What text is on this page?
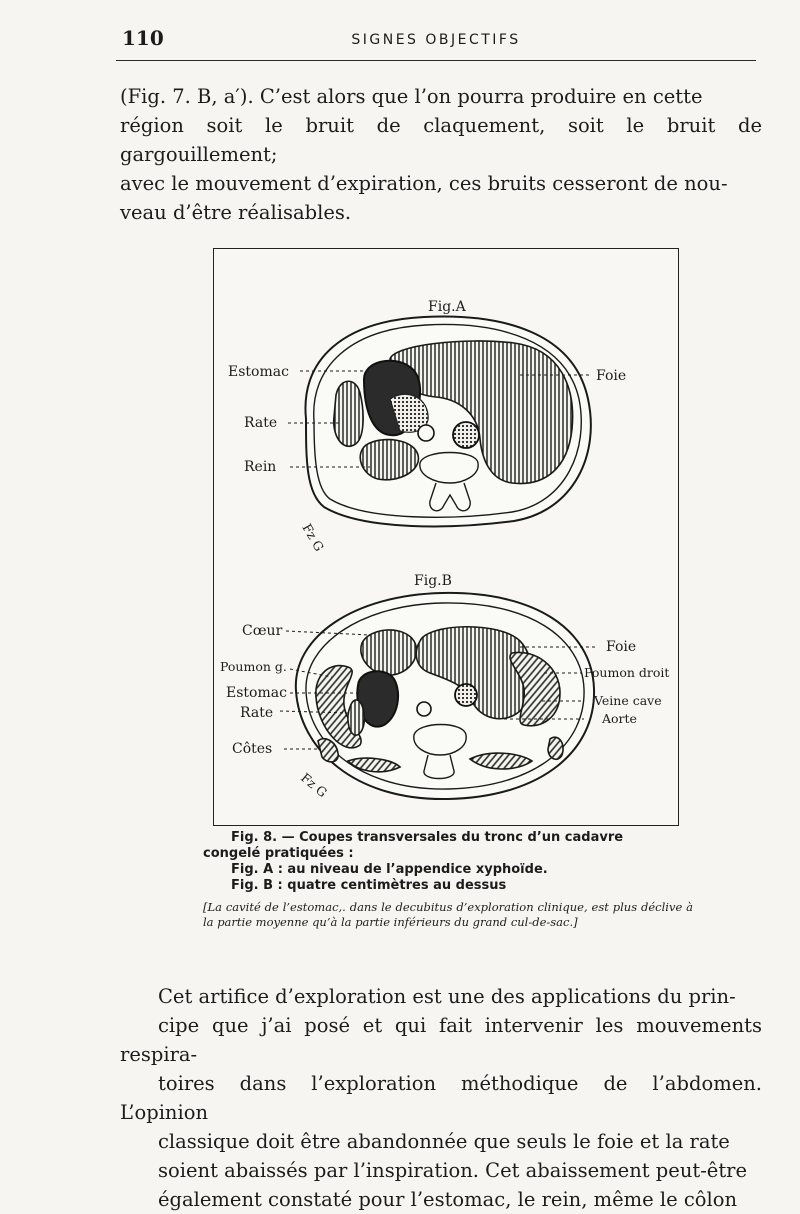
110	SIGNES OBJECTIFS
(Fig. 7. B, a′). C’est alors que l’on pourra produire en cette
région soit le bruit de claquement, soit le bruit de gargouillement;
avec le mouvement d’expiration, ces bruits cesseront de nou-
veau d’être réalisables.
Fig.A
Estomac
Rate
Rein
Foie
Fz G
Fig.B
Cœur
Poumon g.
Estomac
Rate
Côtes
Foie
Poumon droit
Veine cave
Aorte
Fz G
Fig. 8. — Coupes transversales du tronc d’un cadavre
congelé pratiquées :
Fig. A : au niveau de l’appendice xyphoïde.
Fig. B : quatre centimètres au dessus
[La cavité de l’estomac,. dans le decubitus d’exploration clinique, est plus déclive à la partie moyenne qu’à la partie inférieurs du grand cul-de-sac.]
Cet artifice d’exploration est une des applications du prin-
cipe que j’ai posé et qui fait intervenir les mouvements respira-
toires dans l’exploration méthodique de l’abdomen. L’opinion
classique doit être abandonnée que seuls le foie et la rate
soient abaissés par l’inspiration. Cet abaissement peut-être
également constaté pour l’estomac, le rein, même le côlon
